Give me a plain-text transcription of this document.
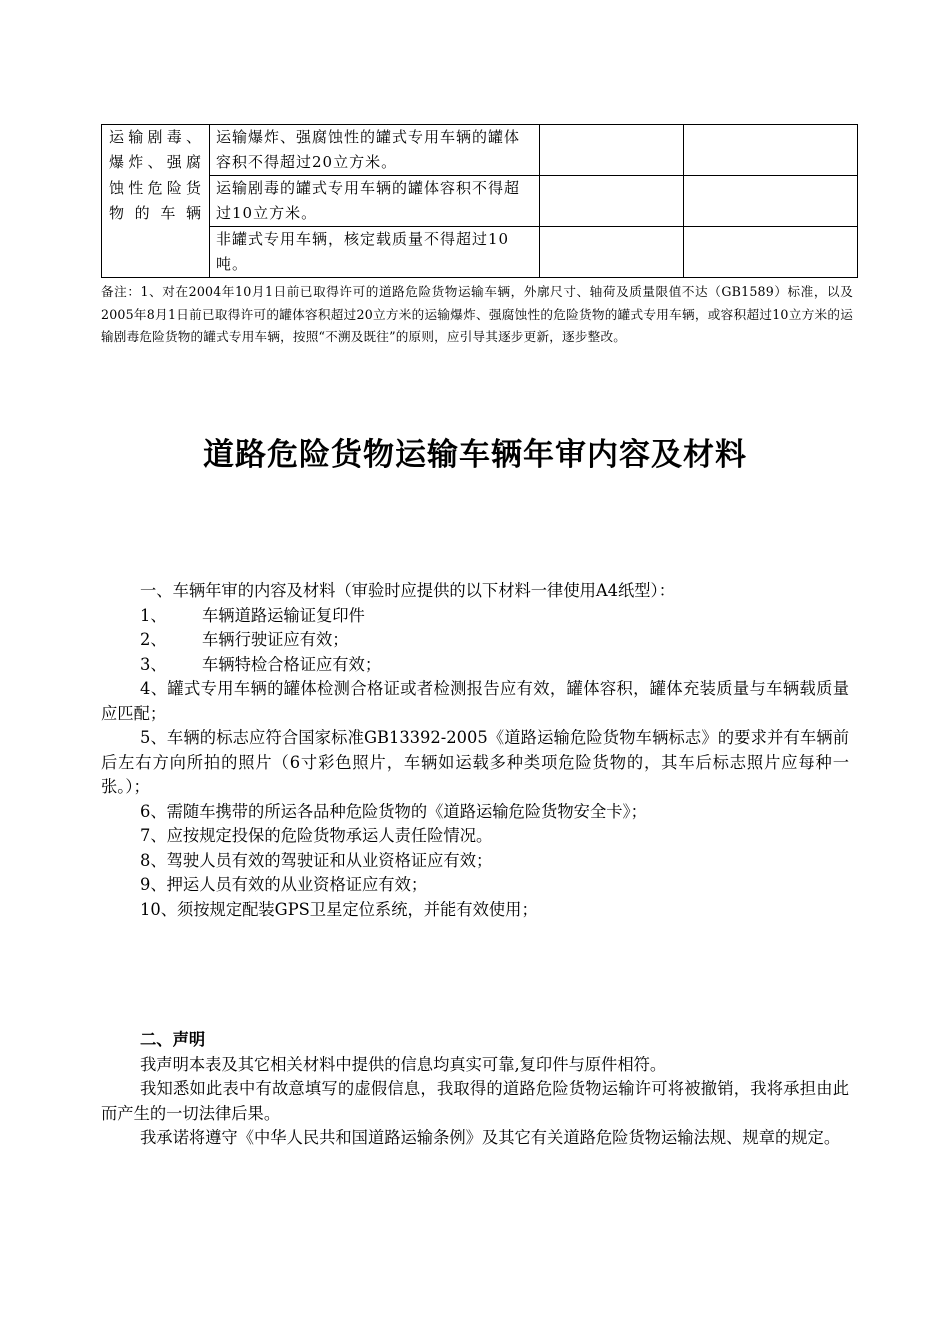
运输剧毒、爆炸、强腐蚀性危险货物的车辆	运输爆炸、强腐蚀性的罐式专用车辆的罐体容积不得超过20立方米。		
	运输剧毒的罐式专用车辆的罐体容积不得超过10立方米。		
	非罐式专用车辆，核定载质量不得超过10吨。		
备注：1、对在2004年10月1日前已取得许可的道路危险货物运输车辆，外廓尺寸、轴荷及质量限值不达（GB1589）标准，以及2005年8月1日前已取得许可的罐体容积超过20立方米的运输爆炸、强腐蚀性的危险货物的罐式专用车辆，或容积超过10立方米的运输剧毒危险货物的罐式专用车辆，按照“不溯及既往”的原则，应引导其逐步更新，逐步整改。
道路危险货物运输车辆年审内容及材料

一、车辆年审的内容及材料（审验时应提供的以下材料一律使用A4纸型）：

1、 车辆道路运输证复印件

2、 车辆行驶证应有效；

3、 车辆特检合格证应有效；

4、罐式专用车辆的罐体检测合格证或者检测报告应有效，罐体容积，罐体充装质量与车辆载质量应匹配；

5、车辆的标志应符合国家标准GB13392-2005《道路运输危险货物车辆标志》的要求并有车辆前后左右方向所拍的照片（6寸彩色照片，车辆如运载多种类项危险货物的，其车后标志照片应每种一张。）；

6、需随车携带的所运各品种危险货物的《道路运输危险货物安全卡》；

7、应按规定投保的危险货物承运人责任险情况。

8、驾驶人员有效的驾驶证和从业资格证应有效；

9、押运人员有效的从业资格证应有效；

10、须按规定配装GPS卫星定位系统，并能有效使用；

二、声明

我声明本表及其它相关材料中提供的信息均真实可靠,复印件与原件相符。

我知悉如此表中有故意填写的虚假信息，我取得的道路危险货物运输许可将被撤销，我将承担由此而产生的一切法律后果。

我承诺将遵守《中华人民共和国道路运输条例》及其它有关道路危险货物运输法规、规章的规定。
